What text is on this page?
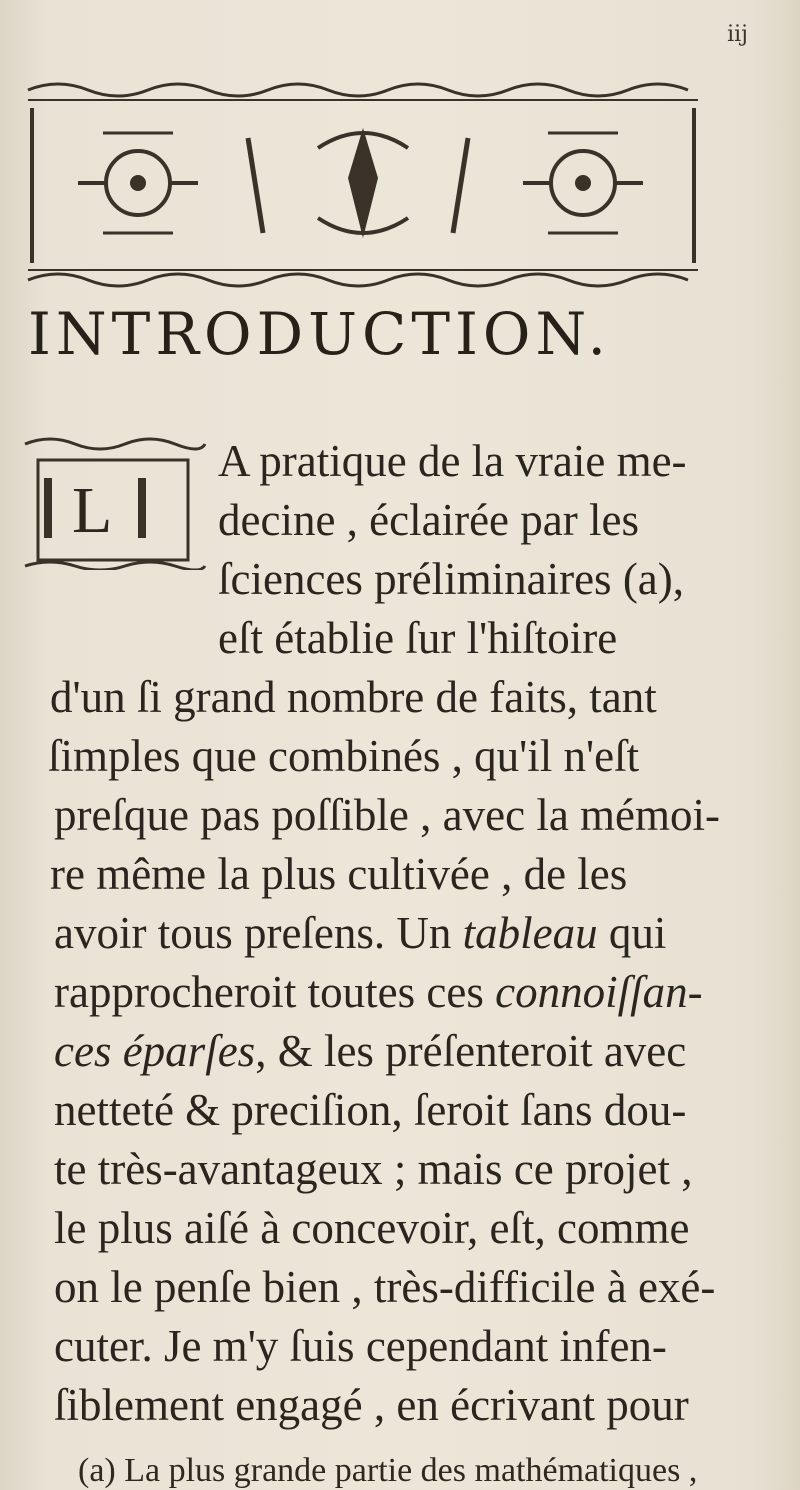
iij
INTRODUCTION.
L
A pratique de la vraie me-
decine , éclairée par les
ſciences préliminaires (a),
eſt établie ſur l'hiſtoire
d'un ſi grand nombre de faits, tant
ſimples que combinés , qu'il n'eſt
preſque pas poſſible , avec la mémoi-
re même la plus cultivée , de les
avoir tous preſens. Un tableau qui
rapprocheroit toutes ces connoiſſan-
ces éparſes, & les préſenteroit avec
netteté & preciſion, ſeroit ſans dou-
te très-avantageux ; mais ce projet ,
le plus aiſé à concevoir, eſt, comme
on le penſe bien , très-difficile à exé-
cuter. Je m'y ſuis cependant infen-
ſiblement engagé , en écrivant pour
(a) La plus grande partie des mathématiques ,
